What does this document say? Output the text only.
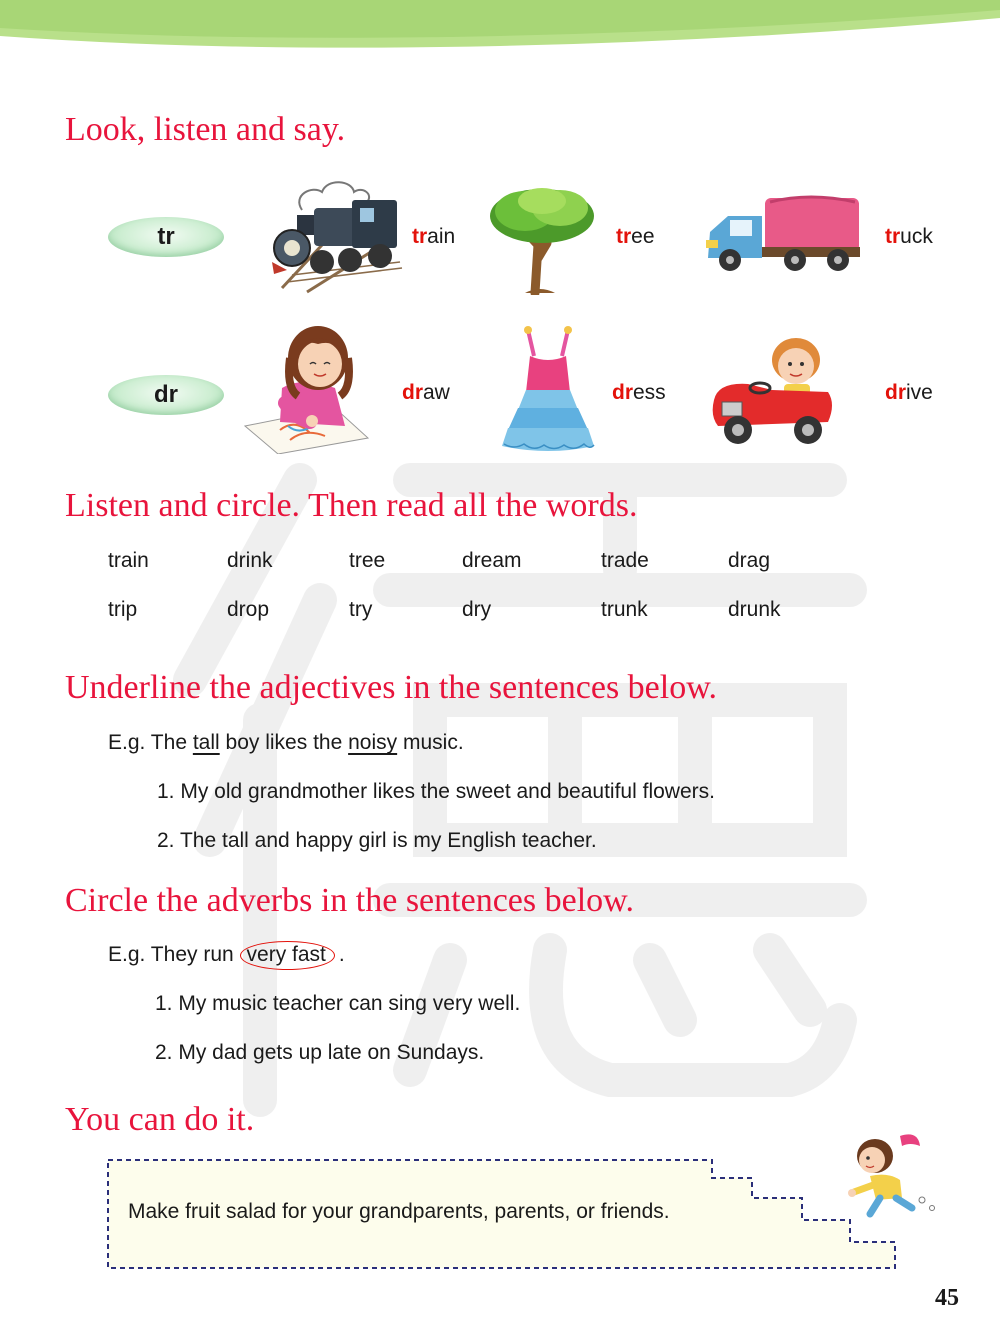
Look, listen and say.
tr
dr
train	tree	truck
draw	dress	drive
Listen and circle. Then read all the words.
train	drink	tree	dream	trade	drag
trip	drop	try	dry	trunk	drunk
Underline the adjectives in the sentences below.
E.g. The tall boy likes the noisy music.
1. My old grandmother likes the sweet and beautiful flowers.
2. The tall and happy girl is my English teacher.
Circle the adverbs in the sentences below.
E.g. They run very fast .
1. My music teacher can sing very well.
2. My dad gets up late on Sundays.
You can do it.
Make fruit salad for your grandparents, parents, or friends.
45
